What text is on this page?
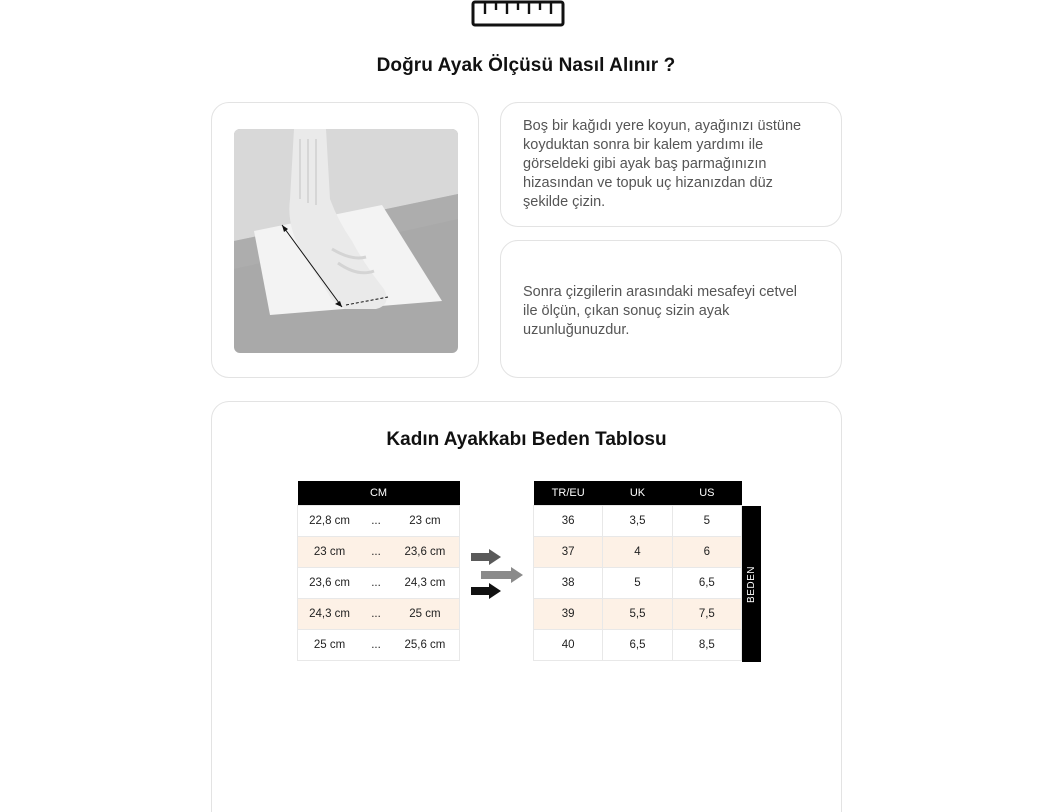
Doğru Ayak Ölçüsü Nasıl Alınır ?

Boş bir kağıdı yere koyun, ayağınızı üstüne koyduktan sonra bir kalem yardımı ile görseldeki gibi ayak baş parmağınızın hizasından ve topuk uç hizanızdan düz şekilde çizin.

Sonra çizgilerin arasındaki mesafeyi cetvel ile ölçün, çıkan sonuç sizin ayak uzunluğunuzdur.

Kadın Ayakkabı Beden Tablosu
CM		
22,8 cm	...	23 cm
23 cm	...	23,6 cm
23,6 cm	...	24,3 cm
24,3 cm	...	25 cm
25 cm	...	25,6 cm
TR/EU	UK	US
36	3,5	5
37	4	6
38	5	6,5
39	5,5	7,5
40	6,5	8,5
BEDEN
